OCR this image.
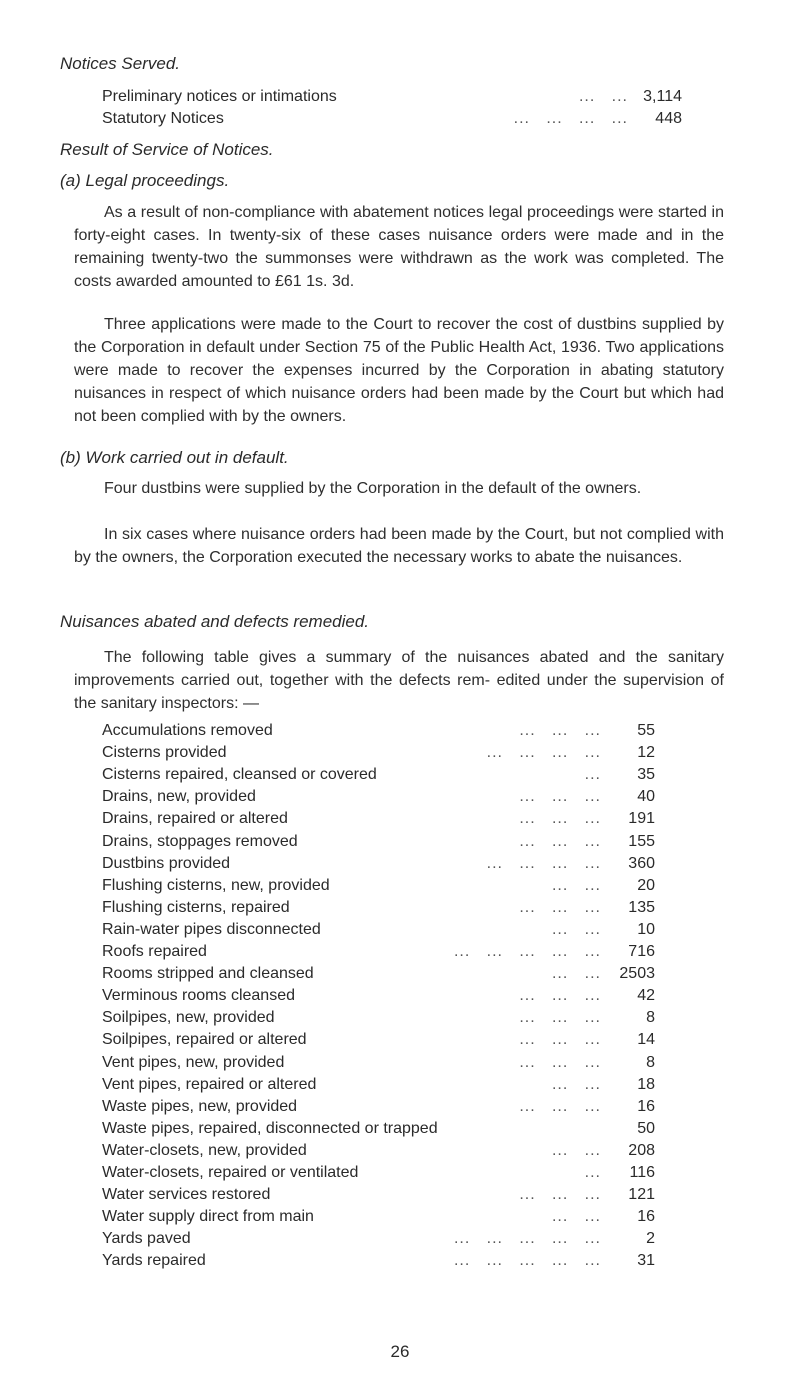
Notices Served.
Preliminary notices or intimations	...   ... 3,114
Statutory Notices	...   ...   ...   ... 448
Result of Service of Notices.
(a) Legal proceedings.
As a result of non-compliance with abatement notices legal proceedings were started in forty-eight cases. In twenty-six of these cases nuisance orders were made and in the remaining twenty-two the summonses were withdrawn as the work was completed. The costs awarded amounted to £61 1s. 3d.
Three applications were made to the Court to recover the cost of dustbins supplied by the Corporation in default under Section 75 of the Public Health Act, 1936. Two applications were made to recover the expenses incurred by the Corporation in abating statutory nuisances in respect of which nuisance orders had been made by the Court but which had not been complied with by the owners.
(b) Work carried out in default.
Four dustbins were supplied by the Corporation in the default of the owners.
In six cases where nuisance orders had been made by the Court, but not complied with by the owners, the Corporation executed the necessary works to abate the nuisances.
Nuisances abated and defects remedied.
The following table gives a summary of the nuisances abated and the sanitary improvements carried out, together with the defects rem- edited under the supervision of the sanitary inspectors: —
Accumulations removed	...   ...   ... 55
Cisterns provided	...   ...   ...   ... 12
Cisterns repaired, cleansed or covered	... 35
Drains, new, provided	...   ...   ... 40
Drains, repaired or altered	...   ...   ... 191
Drains, stoppages removed	...   ...   ... 155
Dustbins provided	...   ...   ...   ... 360
Flushing cisterns, new, provided	...   ... 20
Flushing cisterns, repaired	...   ...   ... 135
Rain-water pipes disconnected	...   ... 10
Roofs repaired	...   ...   ...   ...   ... 716
Rooms stripped and cleansed	...   ... 2503
Verminous rooms cleansed	...   ...   ... 42
Soilpipes, new, provided	...   ...   ...	8
Soilpipes, repaired or altered	...   ...   ... 14
Vent pipes, new, provided	...   ...   ...	8
Vent pipes, repaired or altered	...   ... 18
Waste pipes, new, provided	...   ...   ... 16
Waste pipes, repaired, disconnected or trapped	50
Water-closets, new, provided	...   ... 208
Water-closets, repaired or ventilated	... 116
Water services restored	...   ...   ... 121
Water supply direct from main	...   ... 16
Yards paved	...   ...   ...   ...   ...	2
Yards repaired	...   ...   ...   ...   ... 31
26
